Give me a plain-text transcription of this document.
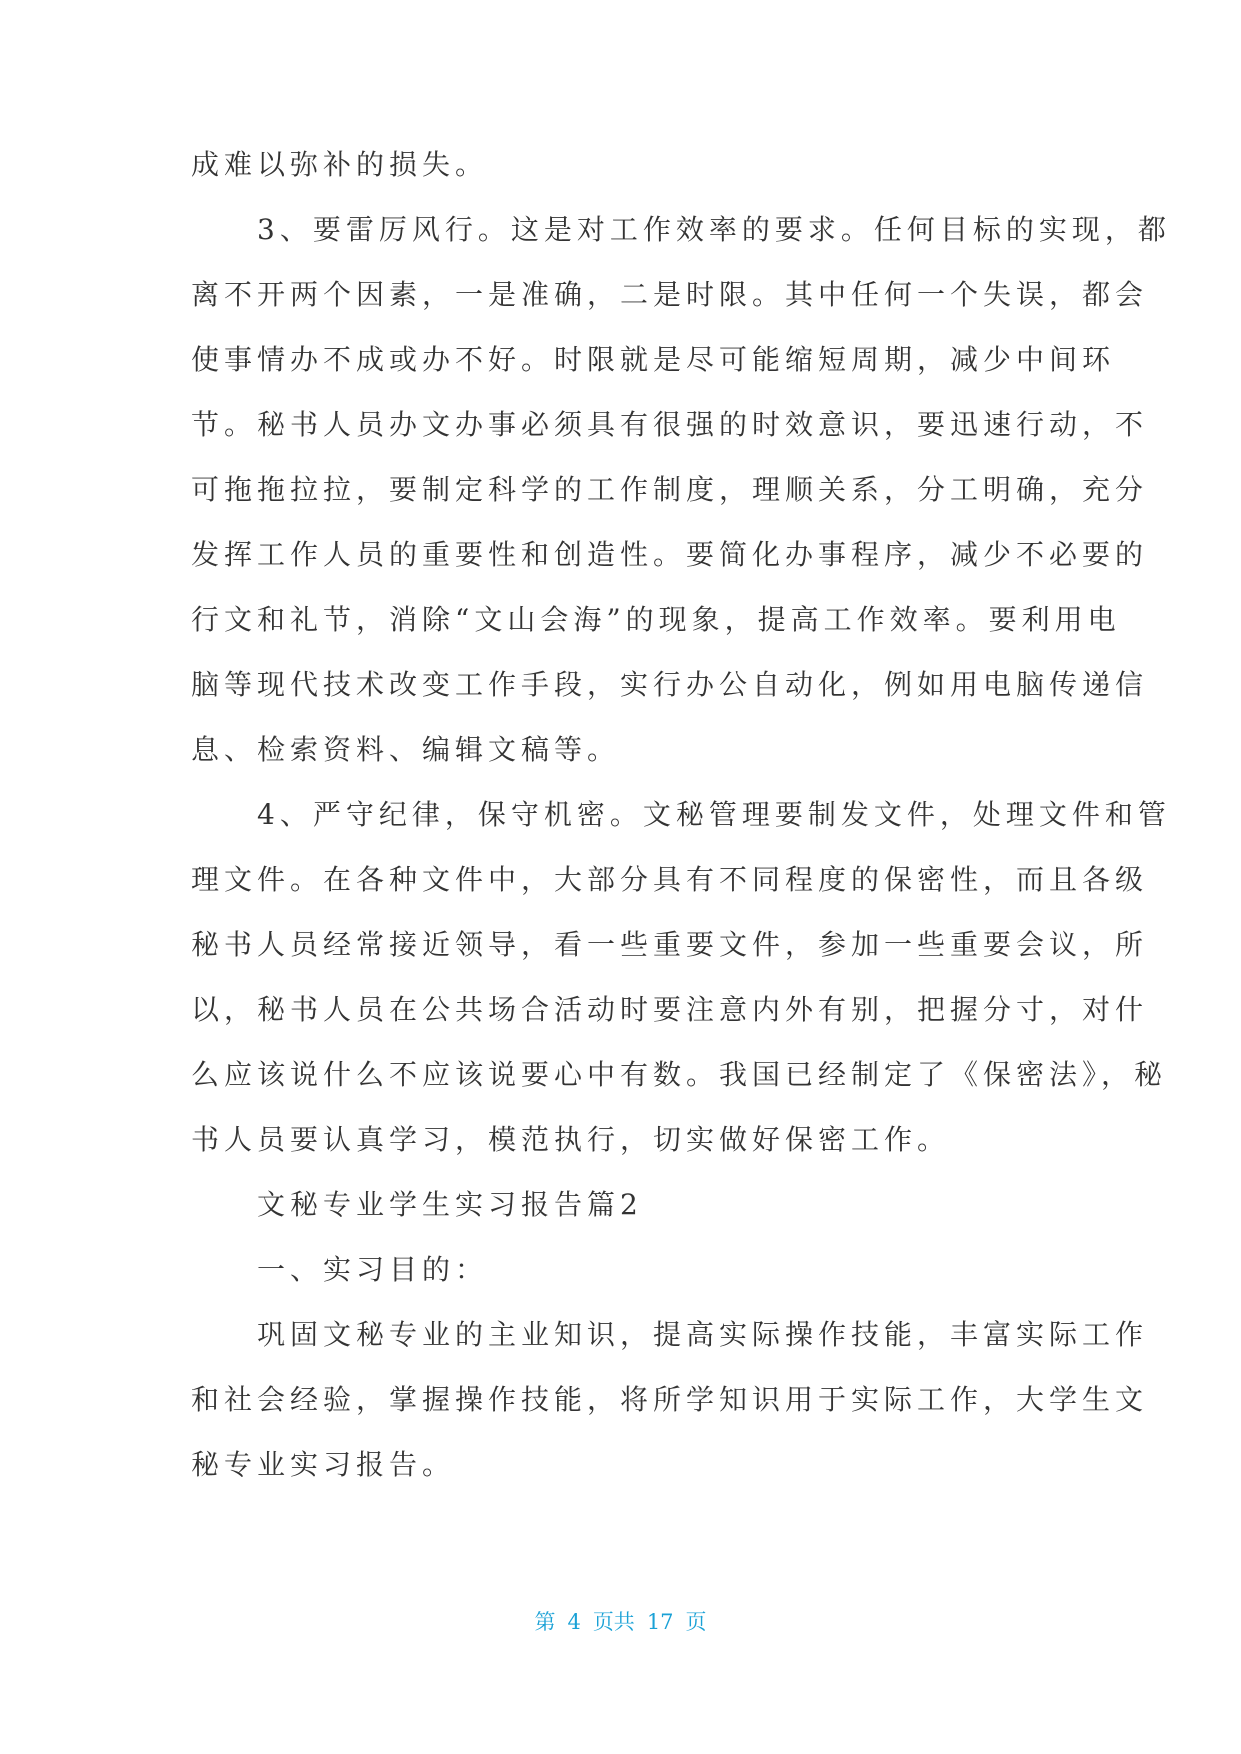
成难以弥补的损失。
　　3、要雷厉风行。这是对工作效率的要求。任何目标的实现，都
离不开两个因素，一是准确，二是时限。其中任何一个失误，都会
使事情办不成或办不好。时限就是尽可能缩短周期，减少中间环
节。秘书人员办文办事必须具有很强的时效意识，要迅速行动，不
可拖拖拉拉，要制定科学的工作制度，理顺关系，分工明确，充分
发挥工作人员的重要性和创造性。要简化办事程序，减少不必要的
行文和礼节，消除“文山会海”的现象，提高工作效率。要利用电
脑等现代技术改变工作手段，实行办公自动化，例如用电脑传递信
息、检索资料、编辑文稿等。
　　4、严守纪律，保守机密。文秘管理要制发文件，处理文件和管
理文件。在各种文件中，大部分具有不同程度的保密性，而且各级
秘书人员经常接近领导，看一些重要文件，参加一些重要会议，所
以，秘书人员在公共场合活动时要注意内外有别，把握分寸，对什
么应该说什么不应该说要心中有数。我国已经制定了《保密法》，秘
书人员要认真学习，模范执行，切实做好保密工作。
　　文秘专业学生实习报告篇2
　　一、实习目的：
　　巩固文秘专业的主业知识，提高实际操作技能，丰富实际工作
和社会经验，掌握操作技能，将所学知识用于实际工作，大学生文
秘专业实习报告。
第 4 页共 17 页
